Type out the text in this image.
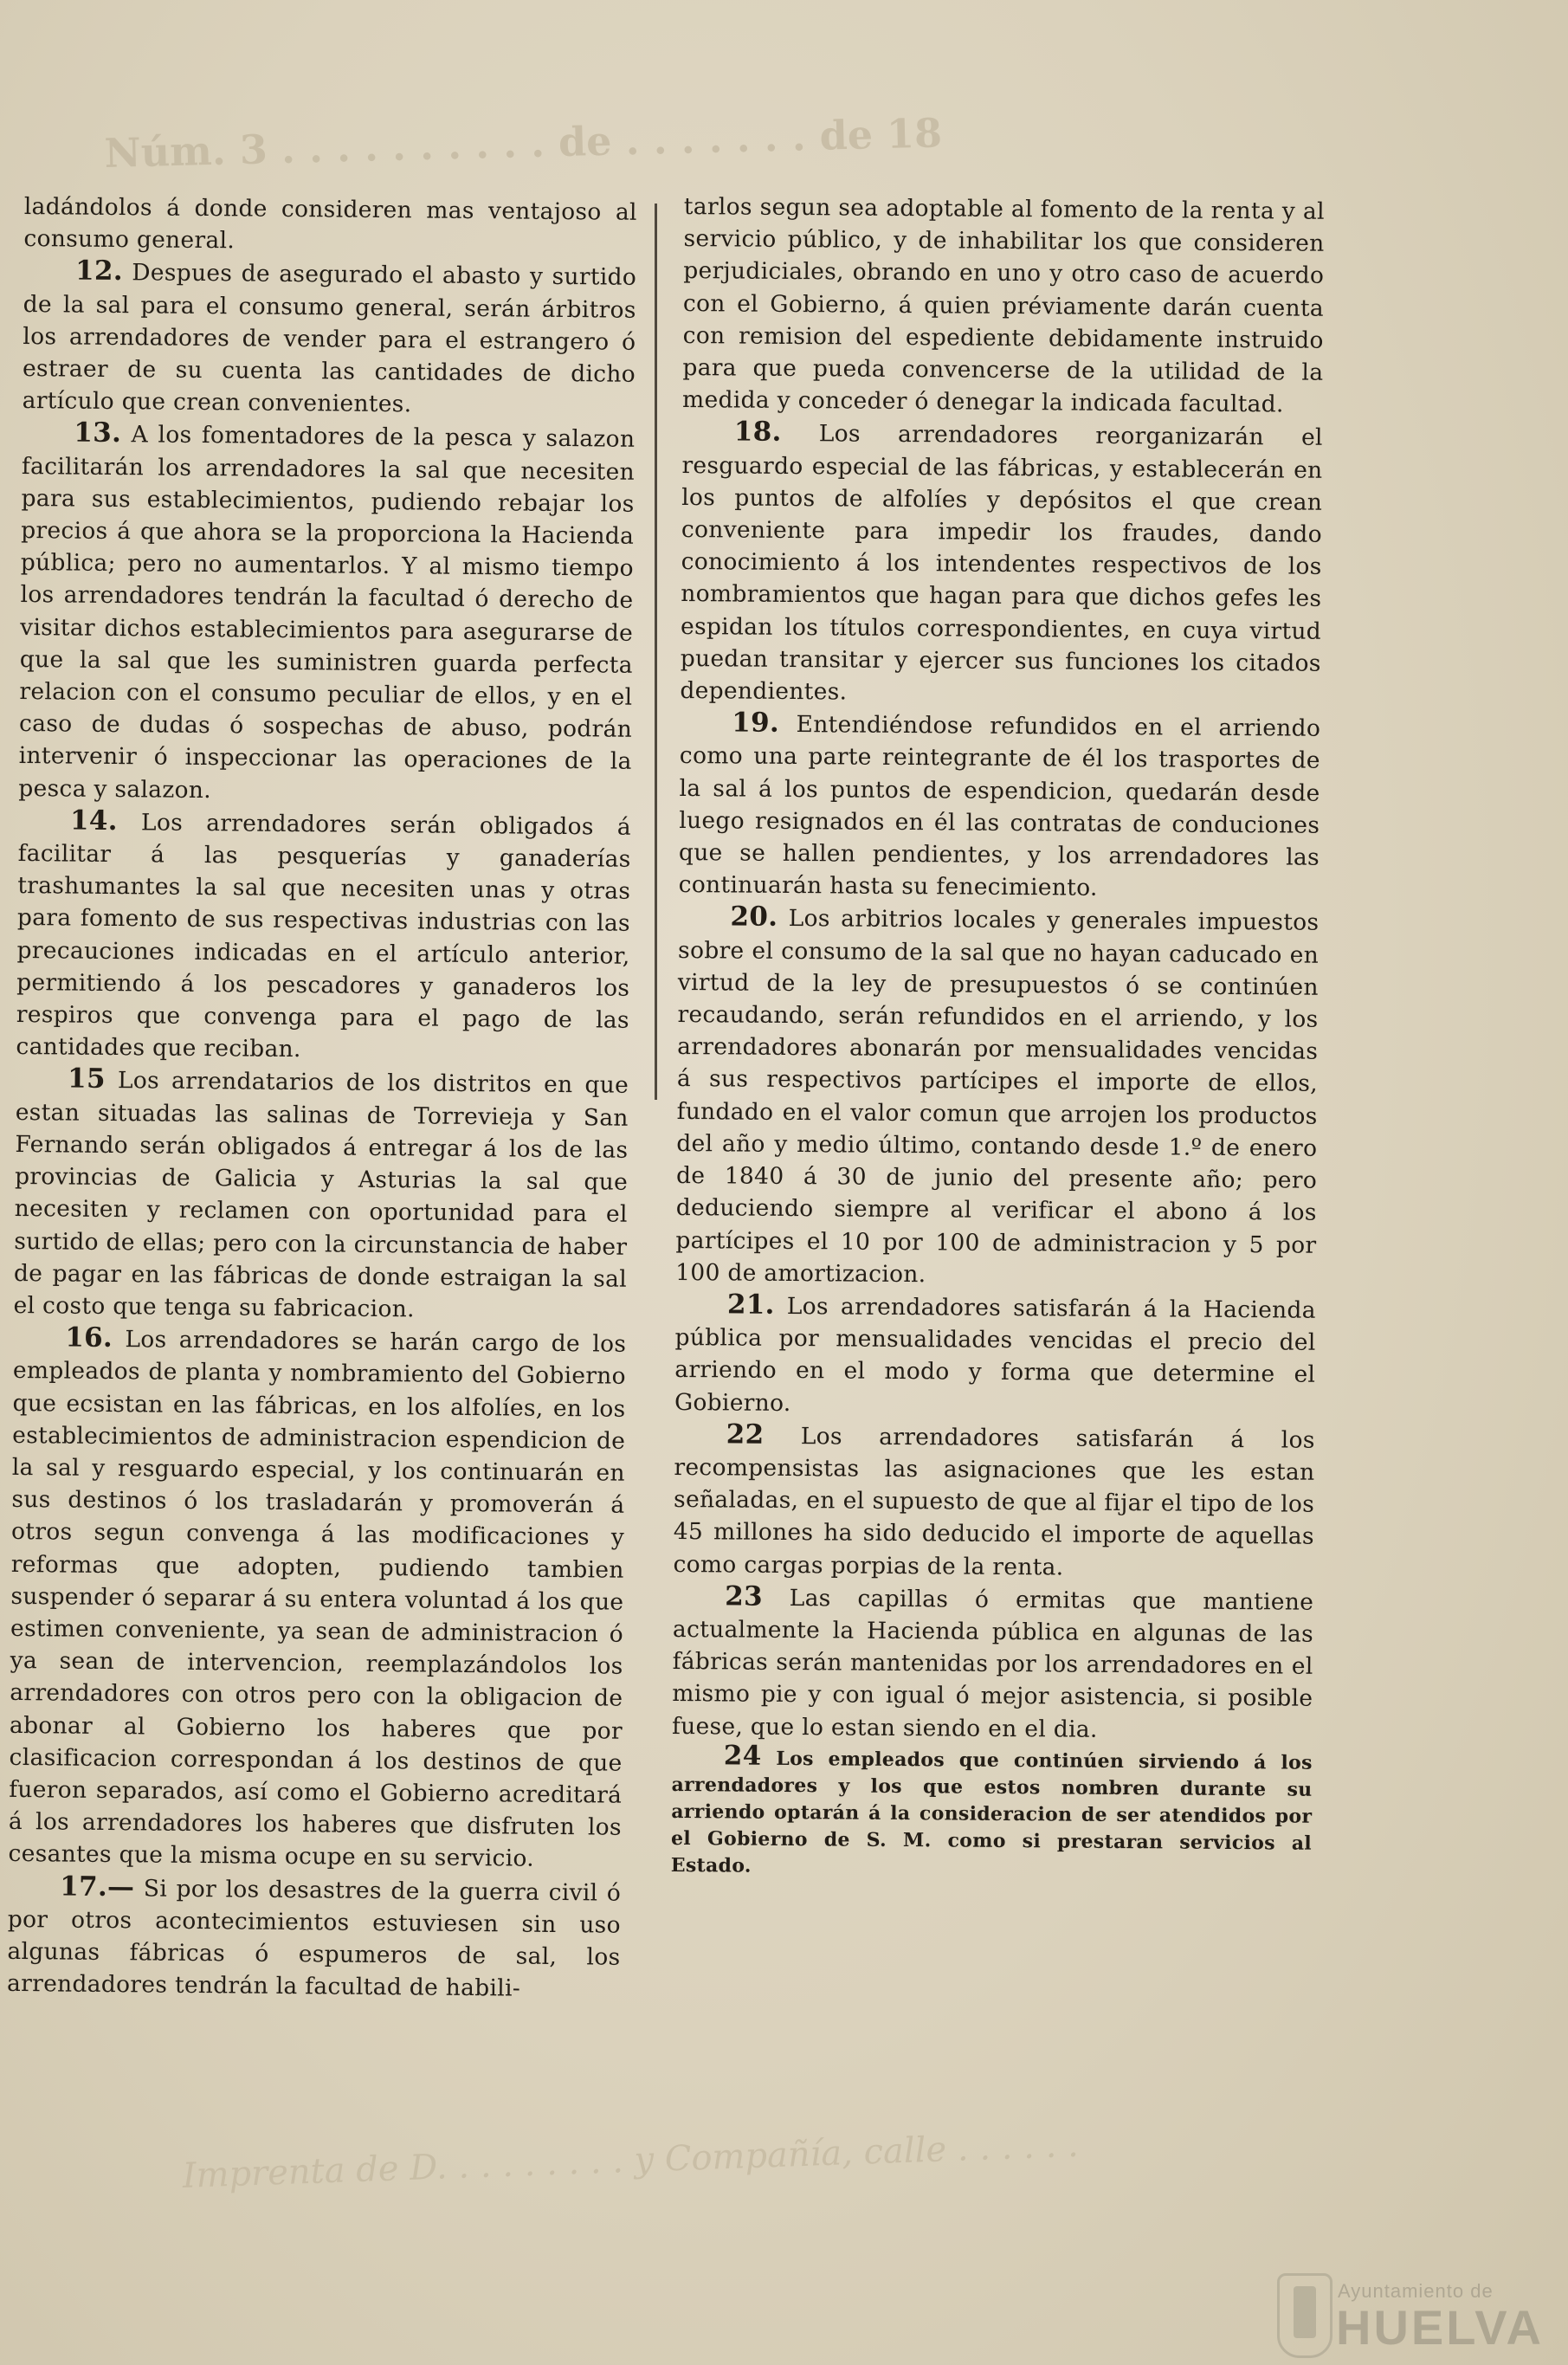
Núm. 3 . . . . . . . . . . de . . . . . . . de 18

ladándolos á donde consideren mas ventajoso al consumo general.

12. Despues de asegurado el abasto y surtido de la sal para el consumo general, serán árbitros los arrendadores de vender para el estrangero ó estraer de su cuenta las cantidades de dicho artículo que crean convenientes.

13. A los fomentadores de la pesca y salazon facilitarán los arrendadores la sal que necesiten para sus establecimientos, pudiendo rebajar los precios á que ahora se la proporciona la Hacienda pública; pero no aumentarlos. Y al mismo tiempo los arrendadores tendrán la facultad ó derecho de visitar dichos establecimientos para asegurarse de que la sal que les suministren guarda perfecta relacion con el consumo peculiar de ellos, y en el caso de dudas ó sospechas de abuso, podrán intervenir ó inspeccionar las operaciones de la pesca y salazon.

14. Los arrendadores serán obligados á facilitar á las pesquerías y ganaderías trashumantes la sal que necesiten unas y otras para fomento de sus respectivas industrias con las precauciones indicadas en el artículo anterior, permitiendo á los pescadores y ganaderos los respiros que convenga para el pago de las cantidades que reciban.

15 Los arrendatarios de los distritos en que estan situadas las salinas de Torrevieja y San Fernando serán obligados á entregar á los de las provincias de Galicia y Asturias la sal que necesiten y reclamen con oportunidad para el surtido de ellas; pero con la circunstancia de haber de pagar en las fábricas de donde estraigan la sal el costo que tenga su fabricacion.

16. Los arrendadores se harán cargo de los empleados de planta y nombramiento del Gobierno que ecsistan en las fábricas, en los alfolíes, en los establecimientos de administracion espendicion de la sal y resguardo especial, y los continuarán en sus destinos ó los trasladarán y promoverán á otros segun convenga á las modificaciones y reformas que adopten, pudiendo tambien suspender ó separar á su entera voluntad á los que estimen conveniente, ya sean de administracion ó ya sean de intervencion, reemplazándolos los arrendadores con otros pero con la obligacion de abonar al Gobierno los haberes que por clasificacion correspondan á los destinos de que fueron separados, así como el Gobierno acreditará á los arrendadores los haberes que disfruten los cesantes que la misma ocupe en su servicio.

17.— Si por los desastres de la guerra civil ó por otros acontecimientos estuviesen sin uso algunas fábricas ó espumeros de sal, los arrendadores tendrán la facultad de habili-

tarlos segun sea adoptable al fomento de la renta y al servicio público, y de inhabilitar los que consideren perjudiciales, obrando en uno y otro caso de acuerdo con el Gobierno, á quien préviamente darán cuenta con remision del espediente debidamente instruido para que pueda convencerse de la utilidad de la medida y conceder ó denegar la indicada facultad.

18. Los arrendadores reorganizarán el resguardo especial de las fábricas, y establecerán en los puntos de alfolíes y depósitos el que crean conveniente para impedir los fraudes, dando conocimiento á los intendentes respectivos de los nombramientos que hagan para que dichos gefes les espidan los títulos correspondientes, en cuya virtud puedan transitar y ejercer sus funciones los citados dependientes.

19. Entendiéndose refundidos en el arriendo como una parte reintegrante de él los trasportes de la sal á los puntos de espendicion, quedarán desde luego resignados en él las contratas de conduciones que se hallen pendientes, y los arrendadores las continuarán hasta su fenecimiento.

20. Los arbitrios locales y generales impuestos sobre el consumo de la sal que no hayan caducado en virtud de la ley de presupuestos ó se continúen recaudando, serán refundidos en el arriendo, y los arrendadores abonarán por mensualidades vencidas á sus respectivos partícipes el importe de ellos, fundado en el valor comun que arrojen los productos del año y medio último, contando desde 1.º de enero de 1840 á 30 de junio del presente año; pero deduciendo siempre al verificar el abono á los partícipes el 10 por 100 de administracion y 5 por 100 de amortizacion.

21. Los arrendadores satisfarán á la Hacienda pública por mensualidades vencidas el precio del arriendo en el modo y forma que determine el Gobierno.

22 Los arrendadores satisfarán á los recompensistas las asignaciones que les estan señaladas, en el supuesto de que al fijar el tipo de los 45 millones ha sido deducido el importe de aquellas como cargas porpias de la renta.

23 Las capillas ó ermitas que mantiene actualmente la Hacienda pública en algunas de las fábricas serán mantenidas por los arrendadores en el mismo pie y con igual ó mejor asistencia, si posible fuese, que lo estan siendo en el dia.

24 Los empleados que continúen sirviendo á los arrendadores y los que estos nombren durante su arriendo optarán á la consideracion de ser atendidos por el Gobierno de S. M. como si prestaran servicios al Estado.

Imprenta de D. . . . . . . . . y Compañía, calle . . . . . .
Ayuntamiento de
HUELVA
